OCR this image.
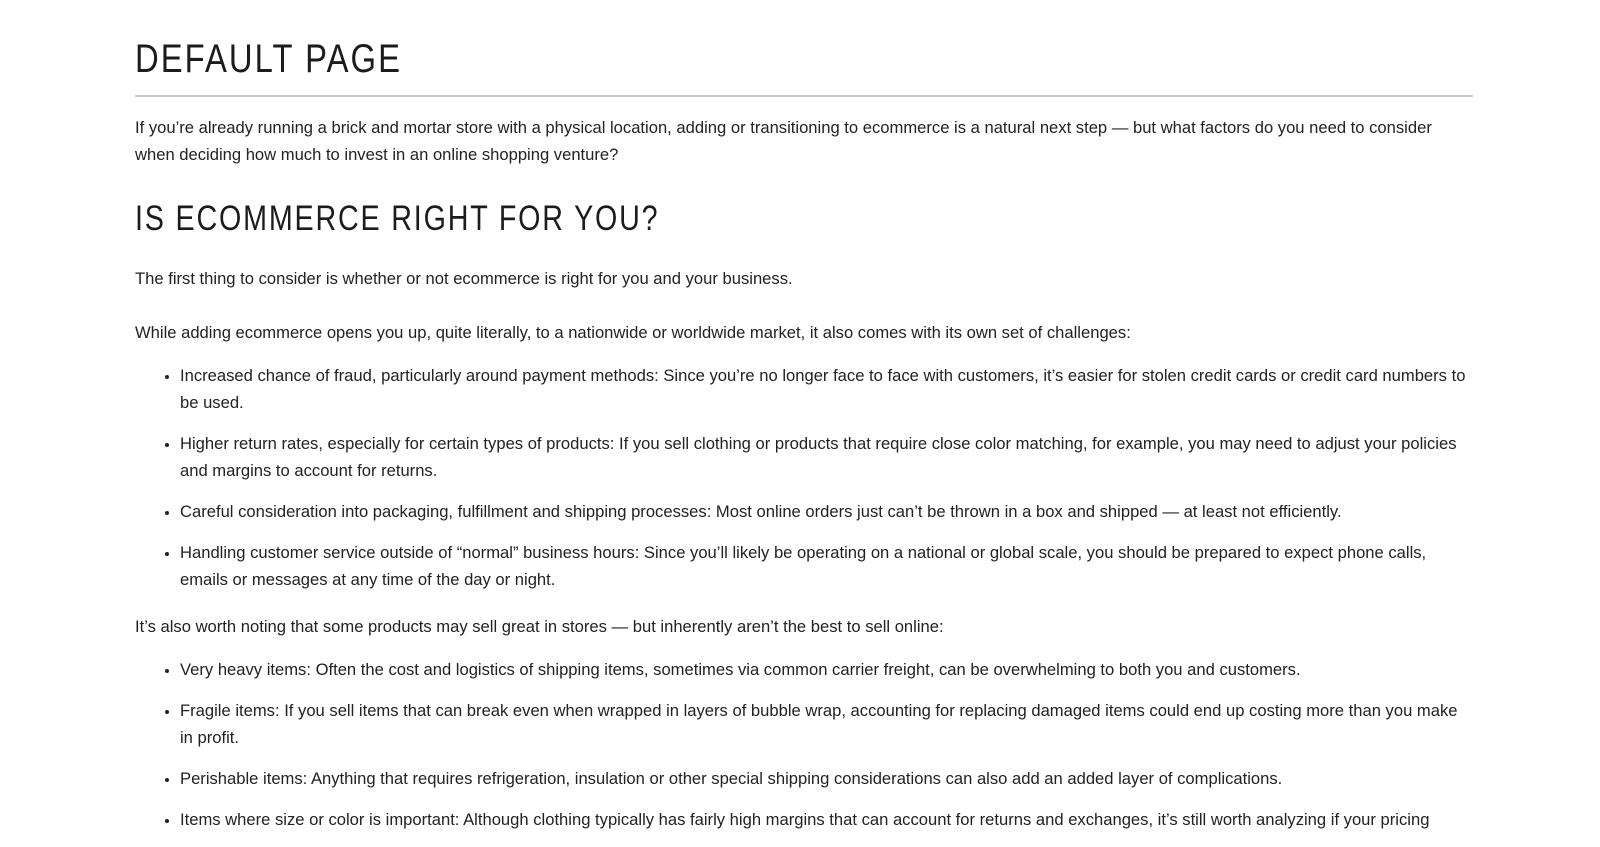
DEFAULT PAGE

If you’re already running a brick and mortar store with a physical location, adding or transitioning to ecommerce is a natural next step — but what factors do you need to consider when deciding how much to invest in an online shopping venture?

IS ECOMMERCE RIGHT FOR YOU?

The first thing to consider is whether or not ecommerce is right for you and your business.

While adding ecommerce opens you up, quite literally, to a nationwide or worldwide market, it also comes with its own set of challenges:

• Increased chance of fraud, particularly around payment methods: Since you’re no longer face to face with customers, it’s easier for stolen credit cards or credit card numbers to be used.
• Higher return rates, especially for certain types of products: If you sell clothing or products that require close color matching, for example, you may need to adjust your policies and margins to account for returns.
• Careful consideration into packaging, fulfillment and shipping processes: Most online orders just can’t be thrown in a box and shipped — at least not efficiently.
• Handling customer service outside of “normal” business hours: Since you’ll likely be operating on a national or global scale, you should be prepared to expect phone calls, emails or messages at any time of the day or night.

It’s also worth noting that some products may sell great in stores — but inherently aren’t the best to sell online:

• Very heavy items: Often the cost and logistics of shipping items, sometimes via common carrier freight, can be overwhelming to both you and customers.
• Fragile items: If you sell items that can break even when wrapped in layers of bubble wrap, accounting for replacing damaged items could end up costing more than you make in profit.
• Perishable items: Anything that requires refrigeration, insulation or other special shipping considerations can also add an added layer of complications.
• Items where size or color is important: Although clothing typically has fairly high margins that can account for returns and exchanges, it’s still worth analyzing if your pricing
